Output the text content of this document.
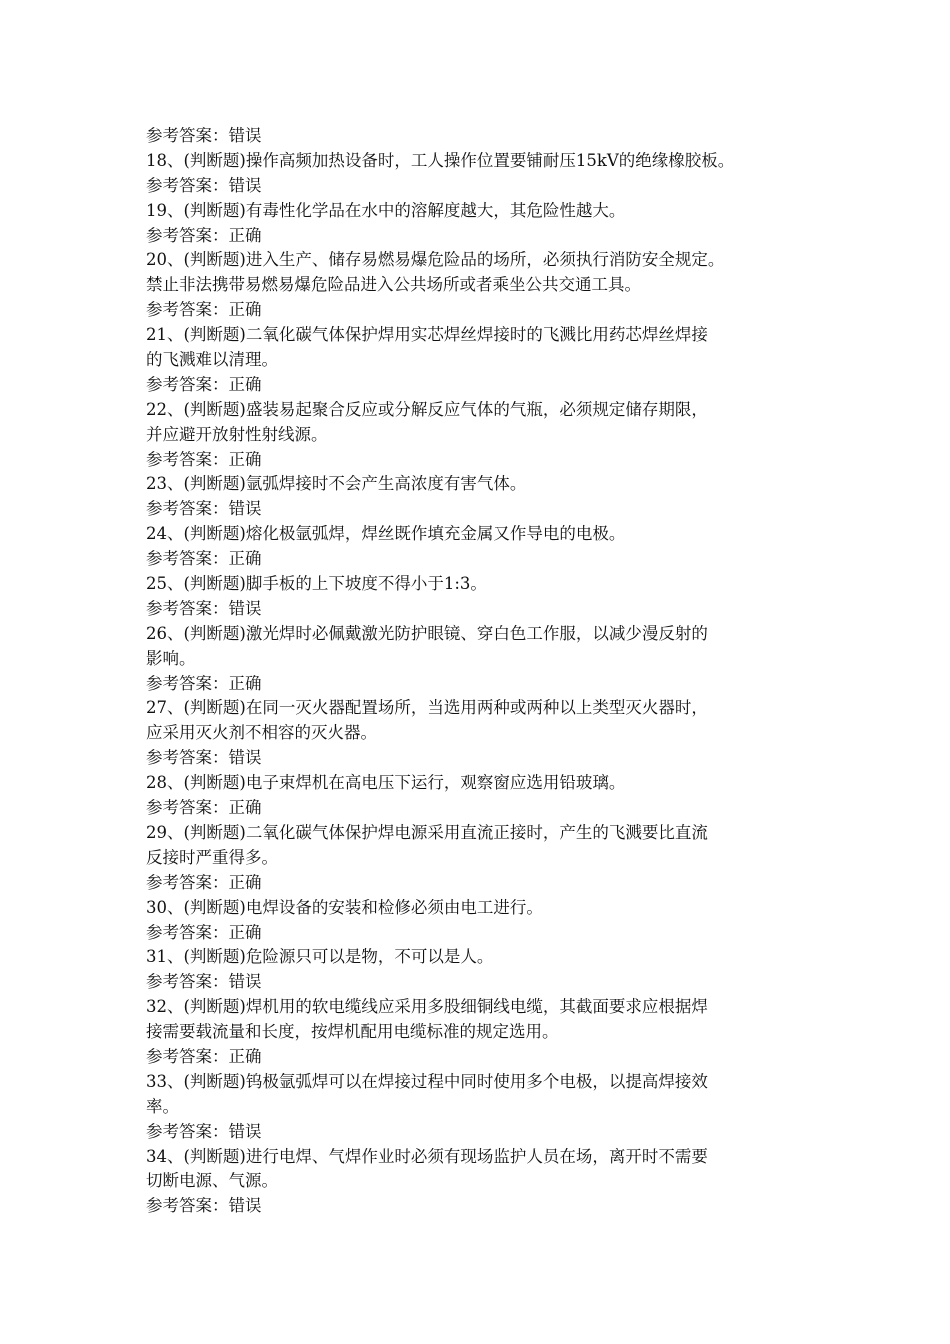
参考答案：错误
18、(判断题)操作高频加热设备时，工人操作位置要铺耐压15kV的绝缘橡胶板。
参考答案：错误
19、(判断题)有毒性化学品在水中的溶解度越大，其危险性越大。
参考答案：正确
20、(判断题)进入生产、储存易燃易爆危险品的场所，必须执行消防安全规定。
禁止非法携带易燃易爆危险品进入公共场所或者乘坐公共交通工具。
参考答案：正确
21、(判断题)二氧化碳气体保护焊用实芯焊丝焊接时的飞溅比用药芯焊丝焊接
的飞溅难以清理。
参考答案：正确
22、(判断题)盛装易起聚合反应或分解反应气体的气瓶，必须规定储存期限，
并应避开放射性射线源。
参考答案：正确
23、(判断题)氩弧焊接时不会产生高浓度有害气体。
参考答案：错误
24、(判断题)熔化极氩弧焊，焊丝既作填充金属又作导电的电极。
参考答案：正确
25、(判断题)脚手板的上下坡度不得小于1:3。
参考答案：错误
26、(判断题)激光焊时必佩戴激光防护眼镜、穿白色工作服，以减少漫反射的
影响。
参考答案：正确
27、(判断题)在同一灭火器配置场所，当选用两种或两种以上类型灭火器时，
应采用灭火剂不相容的灭火器。
参考答案：错误
28、(判断题)电子束焊机在高电压下运行，观察窗应选用铅玻璃。
参考答案：正确
29、(判断题)二氧化碳气体保护焊电源采用直流正接时，产生的飞溅要比直流
反接时严重得多。
参考答案：正确
30、(判断题)电焊设备的安装和检修必须由电工进行。
参考答案：正确
31、(判断题)危险源只可以是物，不可以是人。
参考答案：错误
32、(判断题)焊机用的软电缆线应采用多股细铜线电缆，其截面要求应根据焊
接需要载流量和长度，按焊机配用电缆标准的规定选用。
参考答案：正确
33、(判断题)钨极氩弧焊可以在焊接过程中同时使用多个电极，以提高焊接效
率。
参考答案：错误
34、(判断题)进行电焊、气焊作业时必须有现场监护人员在场，离开时不需要
切断电源、气源。
参考答案：错误
